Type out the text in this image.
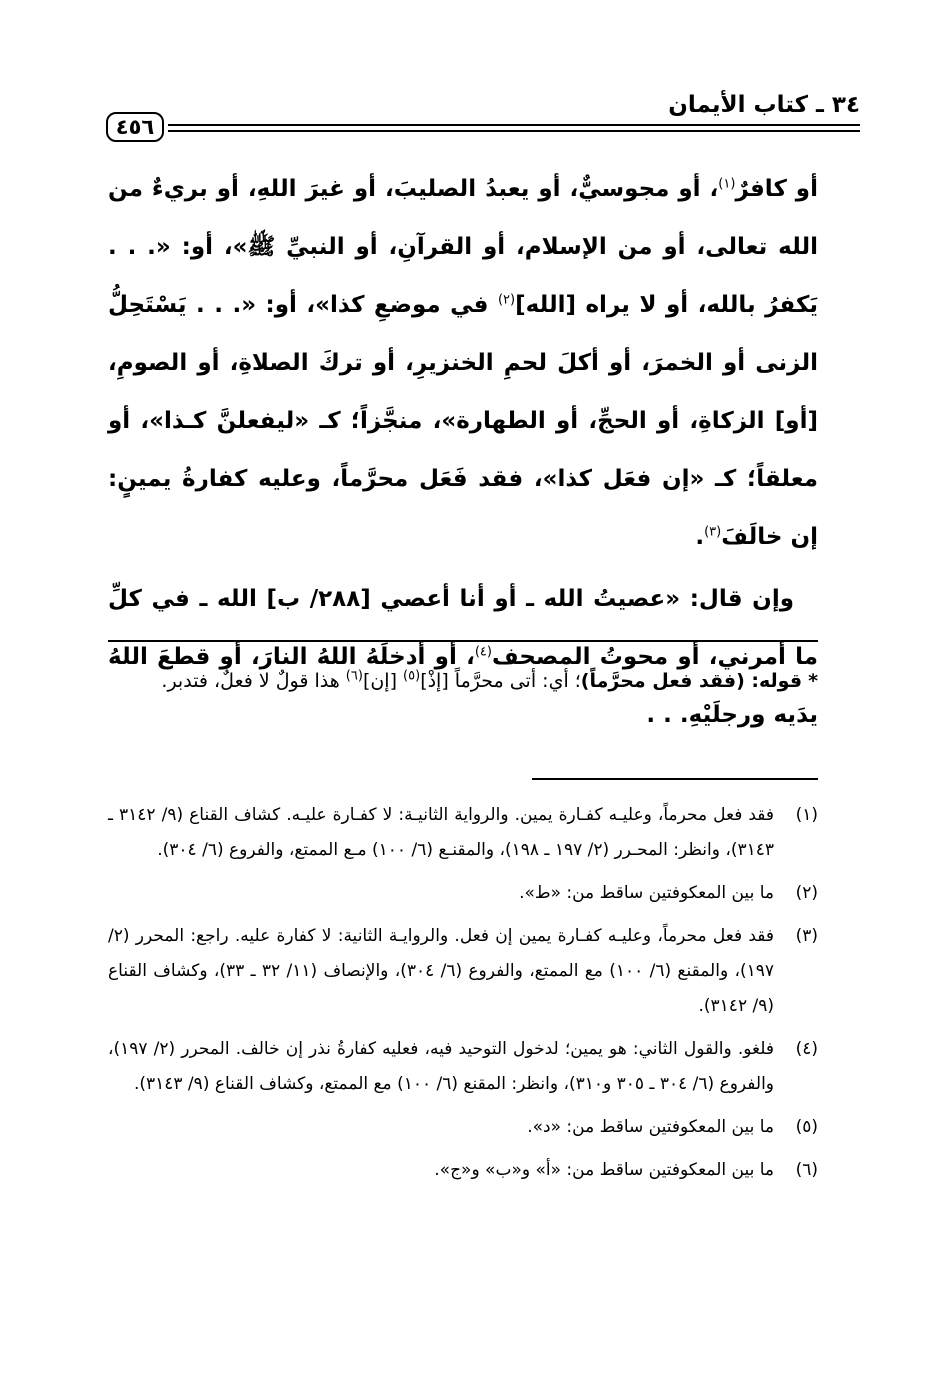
٣٤ ـ كتاب الأيمان
٤٥٦

أو كافرٌ$^{(١)}$، أو مجوسيٌّ، أو يعبدُ الصليبَ، أو غيرَ اللهِ، أو بريءٌ من الله تعالى، أو من الإسلام، أو القرآنِ، أو النبيِّ ﷺ»، أو: «. . . يَكفرُ بالله، أو لا يراه [الله]$^{(٢)}$ في موضعِ كذا»، أو: «. . . يَسْتَحِلُّ الزنى أو الخمرَ، أو أكلَ لحمِ الخنزيرِ، أو تركَ الصلاةِ، أو الصومِ، [أو] الزكاةِ، أو الحجِّ، أو الطهارة»، منجَّزاً؛ كـ «ليفعلنَّ كـذا»، أو معلقاً؛ كـ «إن فعَل كذا»، فقد فَعَل محرَّماً، وعليه كفارةُ يمينٍ: إن خالَفَ$^{(٣)}$.

وإن قال: «عصيتُ الله ـ أو أنا أعصي [٢٨٨/ ب] الله ـ في كلِّ ما أمرني، أو محوتُ المصحف$^{(٤)}$، أو أدخلَهُ اللهُ النارَ، أو قطعَ اللهُ يدَيه ورجلَيْهِ. . .

* قوله: (فقد فعل محرَّماً)؛ أي: أتى محرَّماً [إذْ]$^{(٥)}$ [إن]$^{(٦)}$ هذا قولٌ لا فعلٌ، فتدبر.
(١)
فقد فعل محرماً، وعليـه كفـارة يمين. والرواية الثانيـة: لا كفـارة عليـه. كشاف القناع (٩/ ٣١٤٢ ـ ٣١٤٣)، وانظر: المحـرر (٢/ ١٩٧ ـ ١٩٨)، والمقنـع (٦/ ١٠٠) مـع الممتع، والفروع (٦/ ٣٠٤).
(٢)
ما بين المعكوفتين ساقط من: «ط».
(٣)
فقد فعل محرماً، وعليـه كفـارة يمين إن فعل. والروايـة الثانية: لا كفارة عليه. راجع: المحرر (٢/ ١٩٧)، والمقنع (٦/ ١٠٠) مع الممتع، والفروع (٦/ ٣٠٤)، والإنصاف (١١/ ٣٢ ـ ٣٣)، وكشاف القناع (٩/ ٣١٤٢).
(٤)
فلغو. والقول الثاني: هو يمين؛ لدخول التوحيد فيه، فعليه كفارةُ نذر إن خالف. المحرر (٢/ ١٩٧)، والفروع (٦/ ٣٠٤ ـ ٣٠٥ و٣١٠)، وانظر: المقنع (٦/ ١٠٠) مع الممتع، وكشاف القناع (٩/ ٣١٤٣).
(٥)
ما بين المعكوفتين ساقط من: «د».
(٦)
ما بين المعكوفتين ساقط من: «أ» و«ب» و«ج».
